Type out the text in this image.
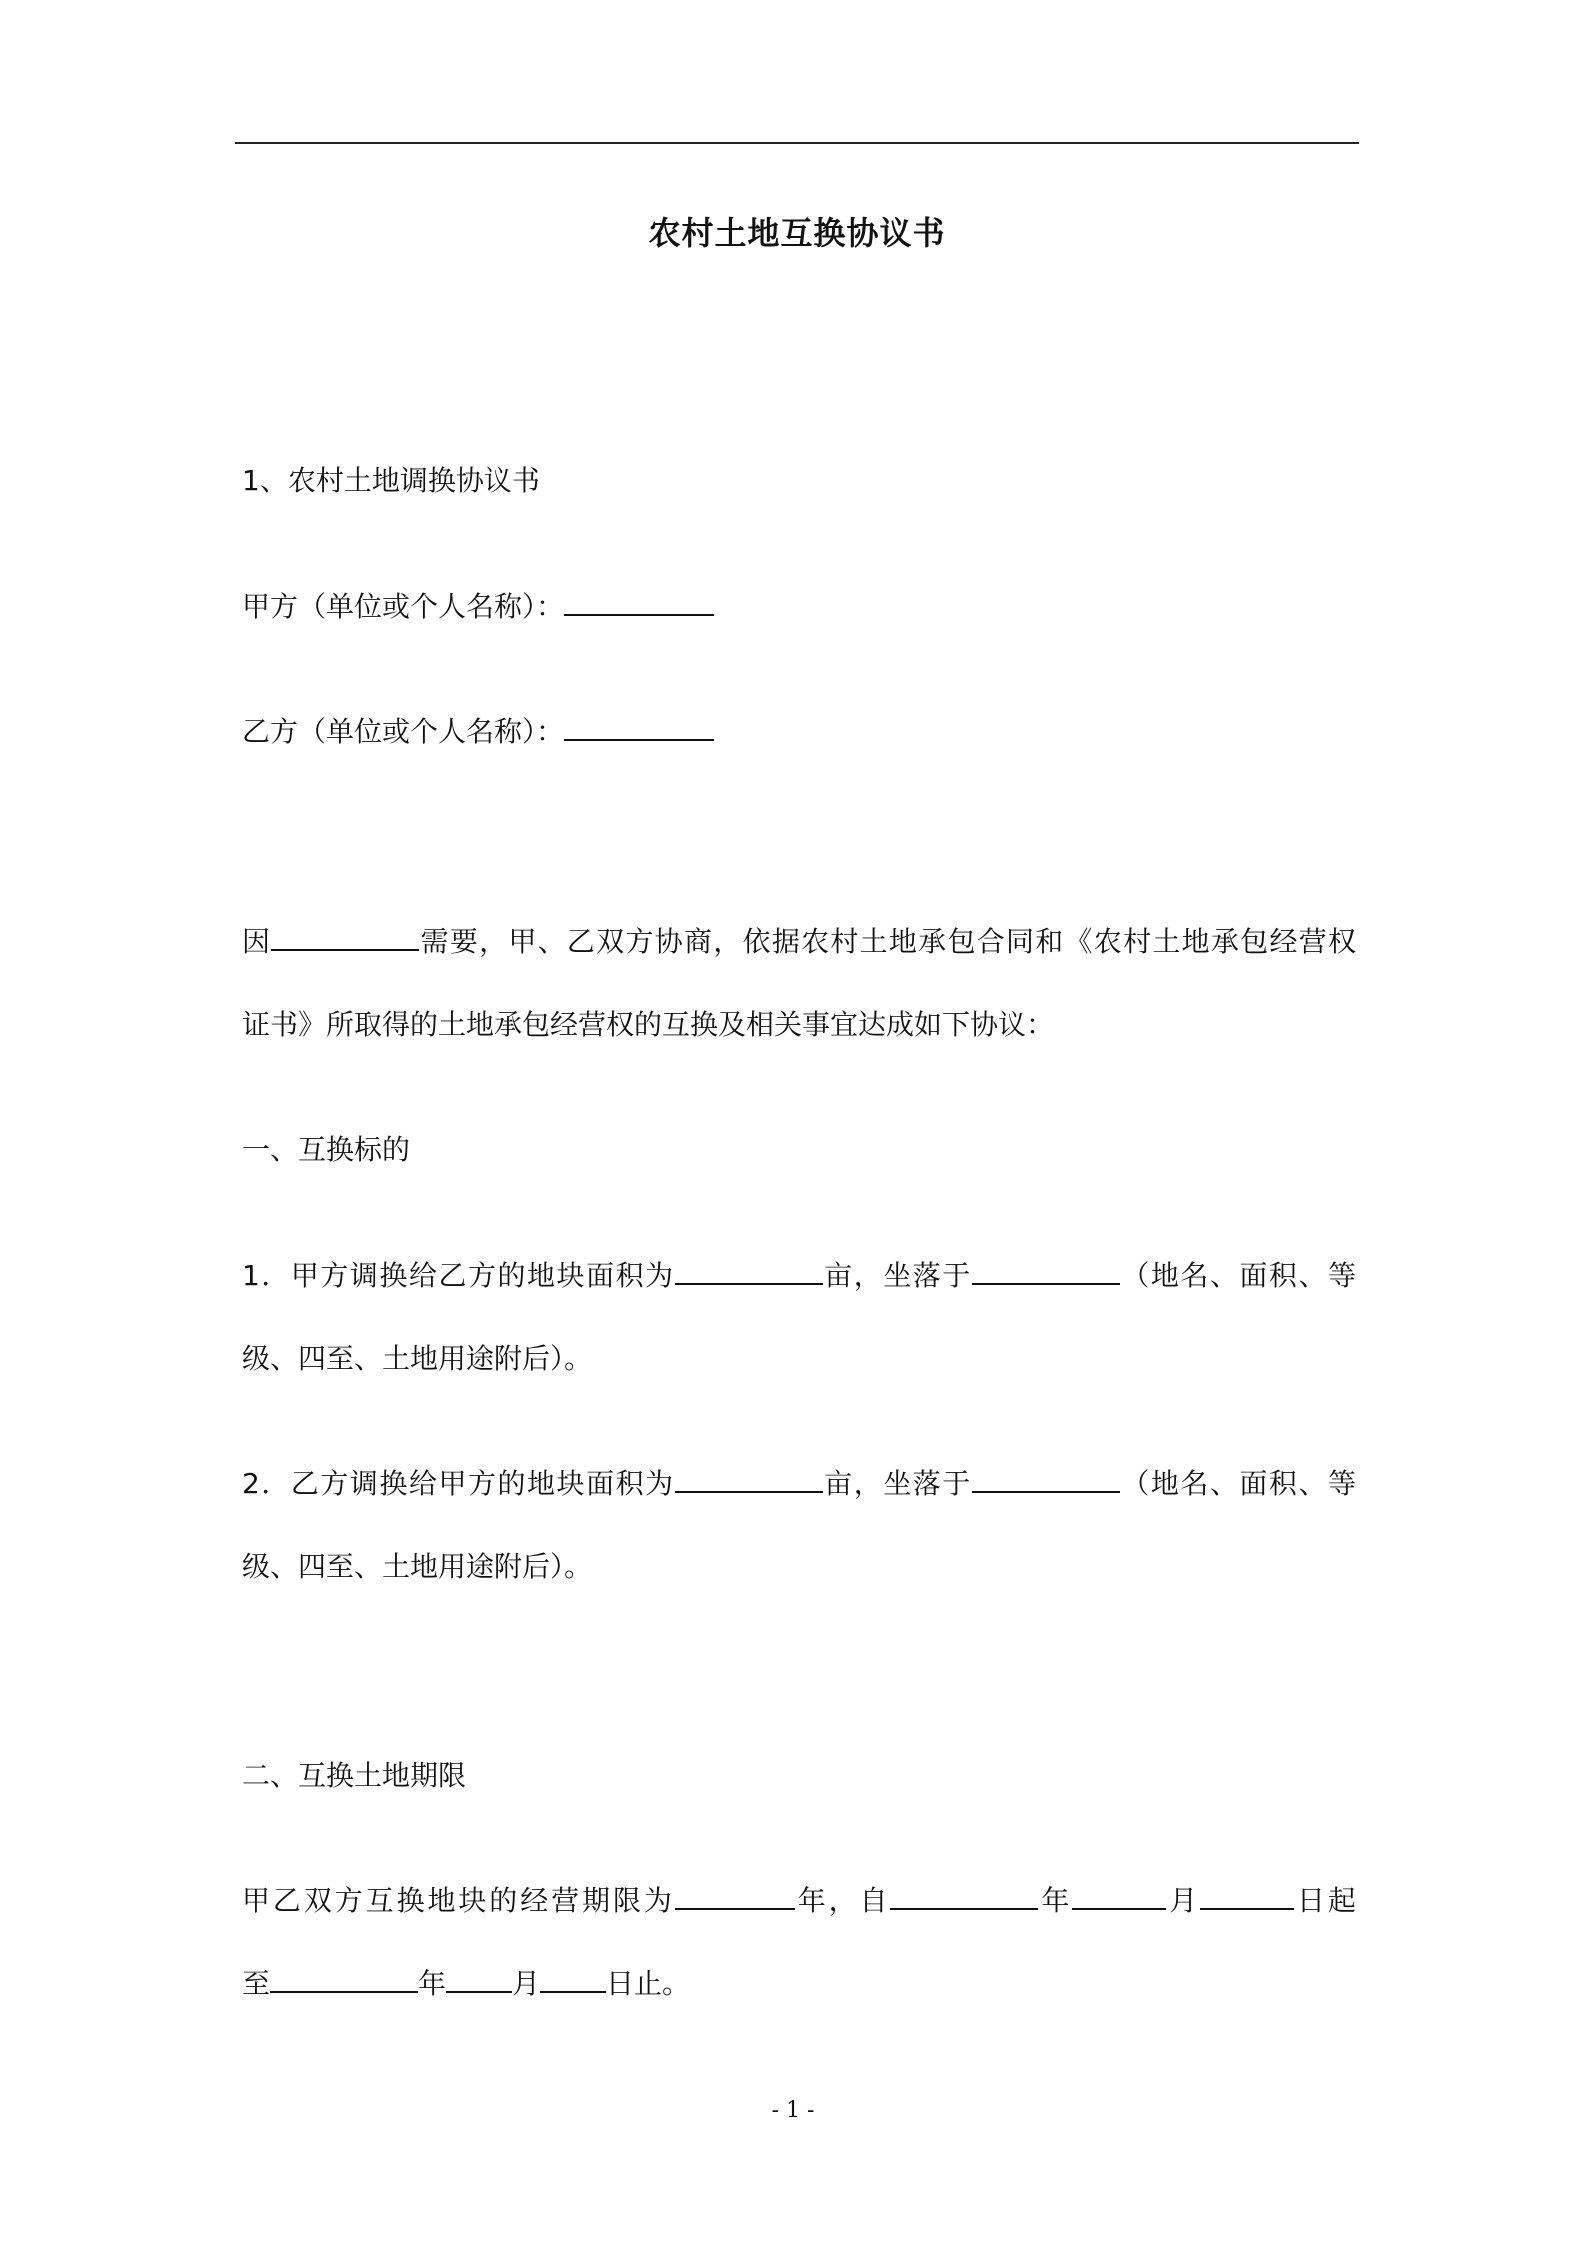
农村土地互换协议书
1、农村土地调换协议书
甲方（单位或个人名称）：
乙方（单位或个人名称）：
因	需要，甲、乙双方协商，依据农村土地承包合同和《农村土地承包经营权
证书》所取得的土地承包经营权的互换及相关事宜达成如下协议：
一、互换标的
1．甲方调换给乙方的地块面积为	亩，坐落于	（地名、面积、等
级、四至、土地用途附后）。
2．乙方调换给甲方的地块面积为	亩，坐落于	（地名、面积、等
级、四至、土地用途附后）。
二、互换土地期限
甲乙双方互换地块的经营期限为	年，自	年	月	日起
至	年 月 日止。
- 1 -
